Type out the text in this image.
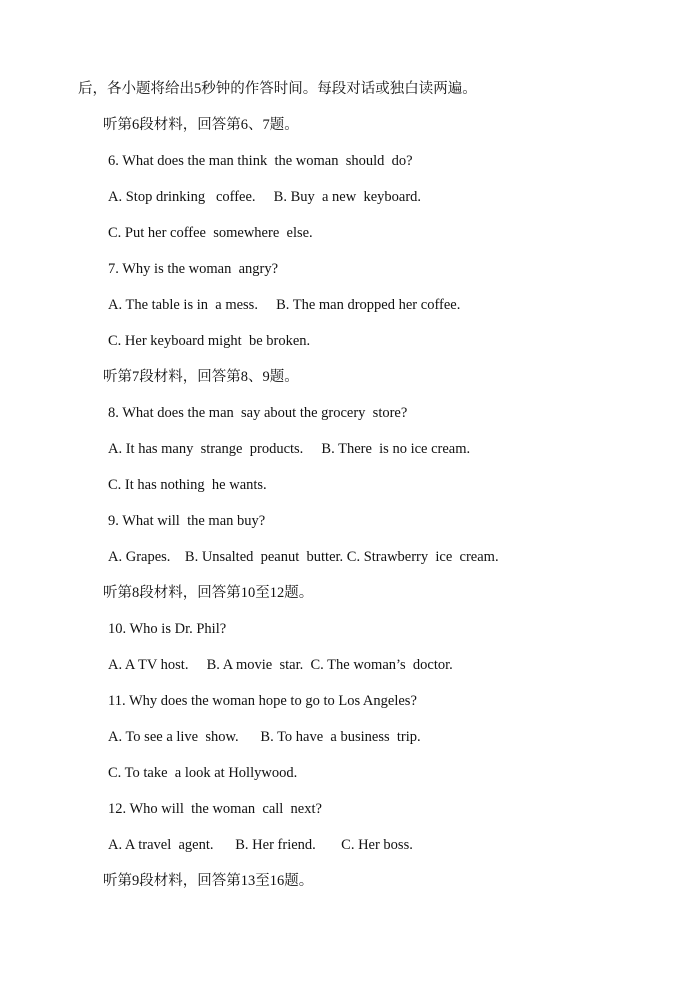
后，各小题将给出5秒钟的作答时间。每段对话或独白读两遍。
听第6段材料，回答第6、7题。
6. What does the man think  the woman  should  do?
A. Stop drinking   coffee.     B. Buy  a new  keyboard.
C. Put her coffee  somewhere  else.
7. Why is the woman  angry?
A. The table is in  a mess.     B. The man dropped her coffee.
C. Her keyboard might  be broken.
听第7段材料，回答第8、9题。
8. What does the man  say about the grocery  store?
A. It has many  strange  products.     B. There  is no ice cream.
C. It has nothing  he wants.
9. What will  the man buy?
A. Grapes.    B. Unsalted  peanut  butter. C. Strawberry  ice  cream.
听第8段材料，回答第10至12题。
10. Who is Dr. Phil?
A. A TV host.     B. A movie  star.  C. The woman’s  doctor.
11. Why does the woman hope to go to Los Angeles?
A. To see a live  show.      B. To have  a business  trip.
C. To take  a look at Hollywood.
12. Who will  the woman  call  next?
A. A travel  agent.      B. Her friend.       C. Her boss.
听第9段材料，回答第13至16题。
